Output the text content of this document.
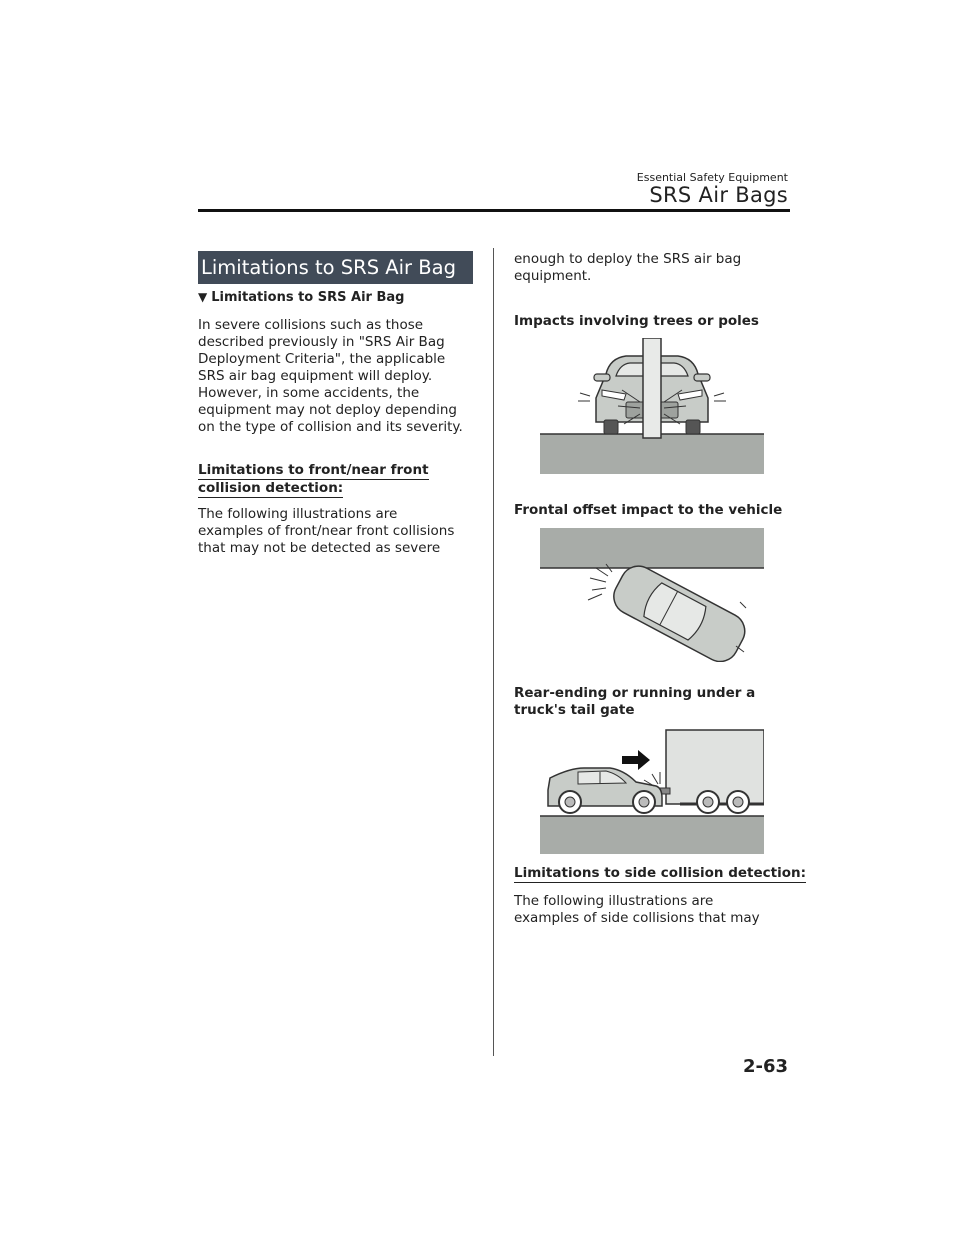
Essential Safety Equipment
SRS Air Bags
Limitations to SRS Air Bag
▼ Limitations to SRS Air Bag
In severe collisions such as those
described previously in "SRS Air Bag
Deployment Criteria", the applicable
SRS air bag equipment will deploy.
However, in some accidents, the
equipment may not deploy depending
on the type of collision and its severity.
Limitations to front/near front
collision detection:
The following illustrations are
examples of front/near front collisions
that may not be detected as severe
enough to deploy the SRS air bag
equipment.
Impacts involving trees or poles
Frontal offset impact to the vehicle
Rear-ending or running under a
truck's tail gate
Limitations to side collision detection:
The following illustrations are
examples of side collisions that may
2-63
